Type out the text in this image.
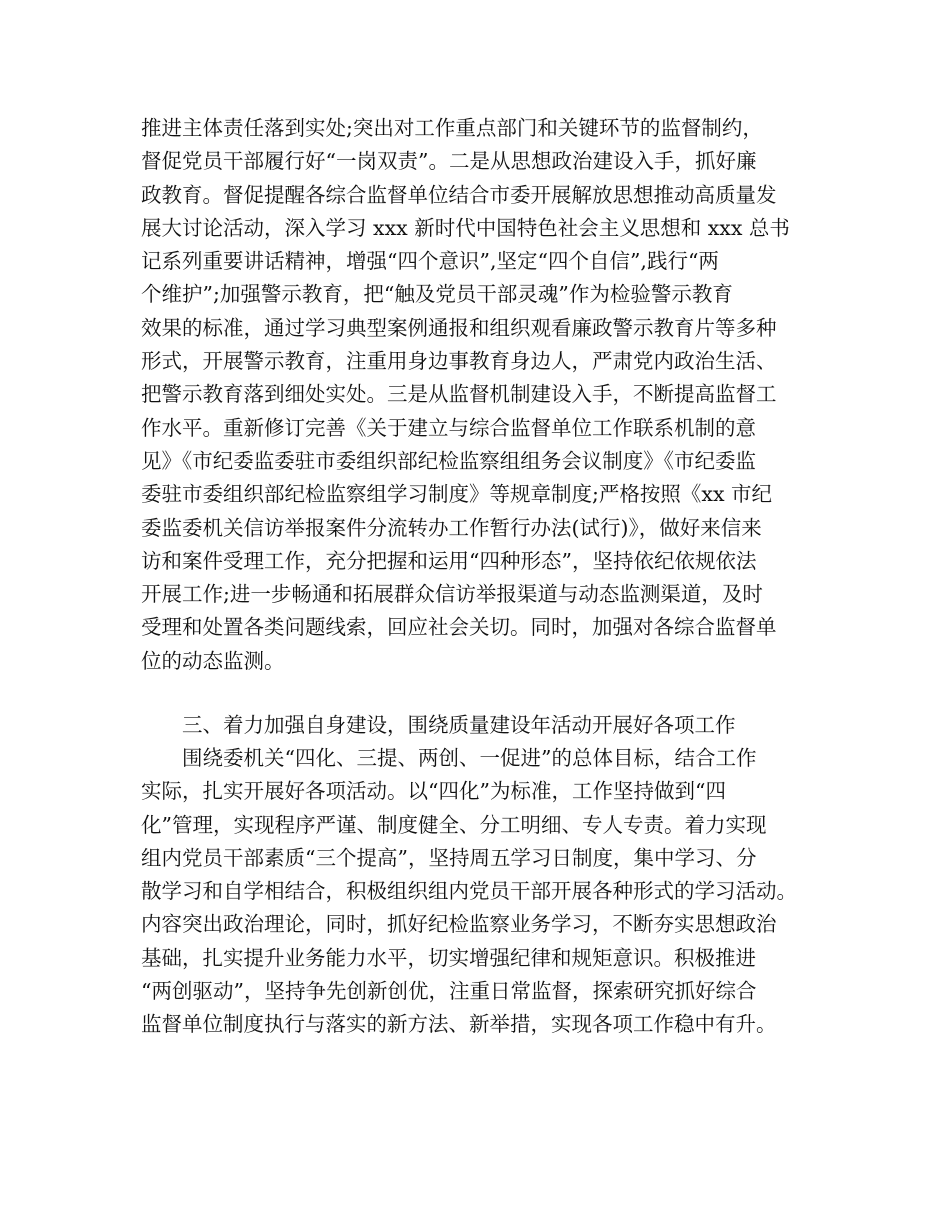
推进主体责任落到实处;突出对工作重点部门和关键环节的监督制约，
督促党员干部履行好“一岗双责”。二是从思想政治建设入手，抓好廉
政教育。督促提醒各综合监督单位结合市委开展解放思想推动高质量发
展大讨论活动，深入学习 xxx 新时代中国特色社会主义思想和 xxx 总书
记系列重要讲话精神，增强“四个意识”,坚定“四个自信”,践行“两
个维护”;加强警示教育，把“触及党员干部灵魂”作为检验警示教育
效果的标准，通过学习典型案例通报和组织观看廉政警示教育片等多种
形式，开展警示教育，注重用身边事教育身边人，严肃党内政治生活、
把警示教育落到细处实处。三是从监督机制建设入手，不断提高监督工
作水平。重新修订完善《关于建立与综合监督单位工作联系机制的意
见》《市纪委监委驻市委组织部纪检监察组组务会议制度》《市纪委监
委驻市委组织部纪检监察组学习制度》等规章制度;严格按照《xx 市纪
委监委机关信访举报案件分流转办工作暂行办法(试行)》，做好来信来
访和案件受理工作，充分把握和运用“四种形态”，坚持依纪依规依法
开展工作;进一步畅通和拓展群众信访举报渠道与动态监测渠道，及时
受理和处置各类问题线索，回应社会关切。同时，加强对各综合监督单
位的动态监测。
三、着力加强自身建设，围绕质量建设年活动开展好各项工作
围绕委机关“四化、三提、两创、一促进”的总体目标，结合工作
实际，扎实开展好各项活动。以“四化”为标准，工作坚持做到“四
化”管理，实现程序严谨、制度健全、分工明细、专人专责。着力实现
组内党员干部素质“三个提高”，坚持周五学习日制度，集中学习、分
散学习和自学相结合，积极组织组内党员干部开展各种形式的学习活动。
内容突出政治理论，同时，抓好纪检监察业务学习，不断夯实思想政治
基础，扎实提升业务能力水平，切实增强纪律和规矩意识。积极推进
“两创驱动”，坚持争先创新创优，注重日常监督，探索研究抓好综合
监督单位制度执行与落实的新方法、新举措，实现各项工作稳中有升。
